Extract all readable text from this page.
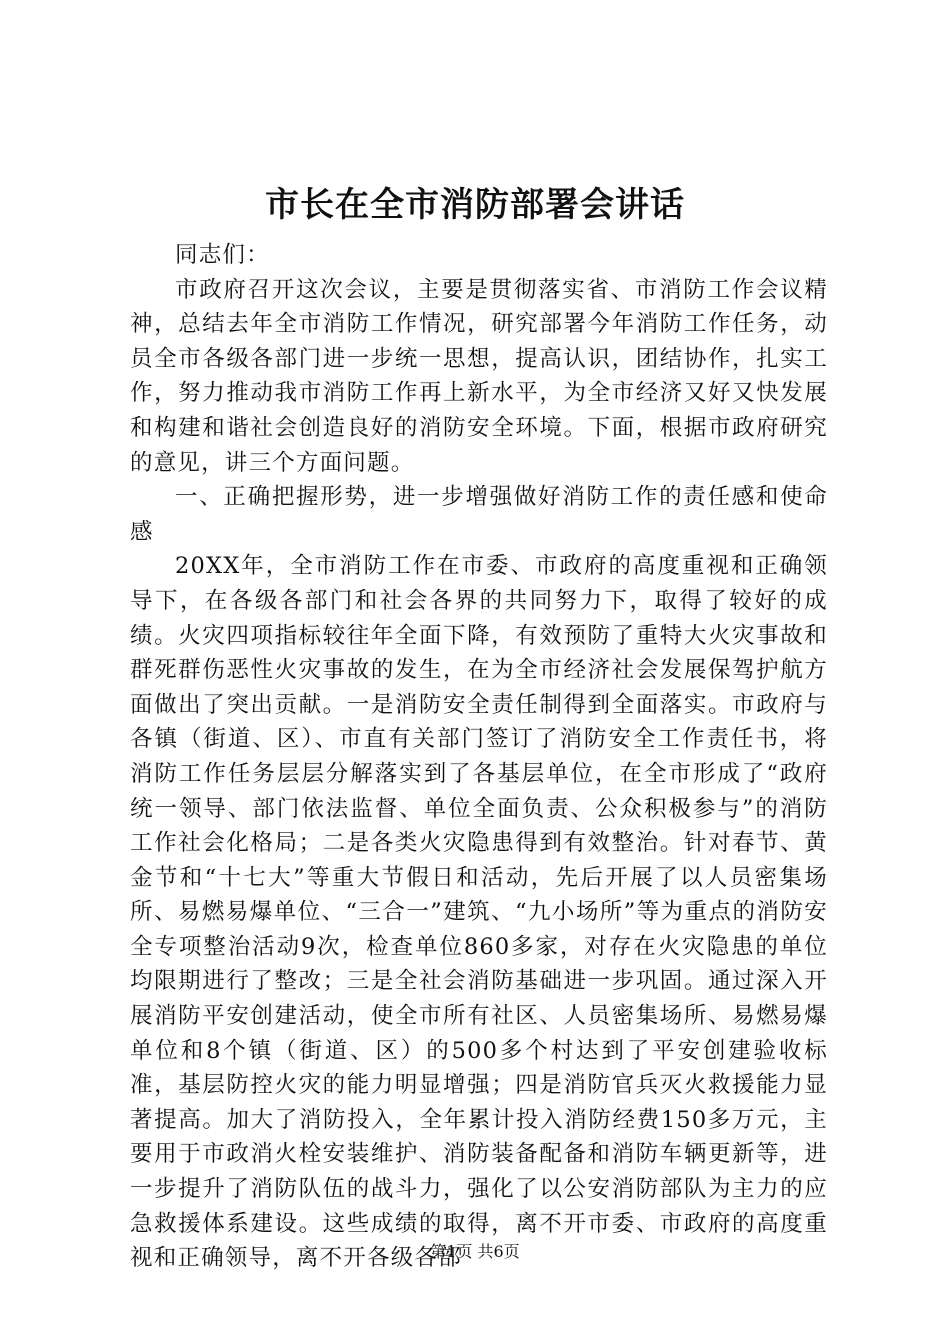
市长在全市消防部署会讲话

同志们：

市政府召开这次会议，主要是贯彻落实省、市消防工作会议精神，总结去年全市消防工作情况，研究部署今年消防工作任务，动员全市各级各部门进一步统一思想，提高认识，团结协作，扎实工作，努力推动我市消防工作再上新水平，为全市经济又好又快发展和构建和谐社会创造良好的消防安全环境。下面，根据市政府研究的意见，讲三个方面问题。

一、正确把握形势，进一步增强做好消防工作的责任感和使命感

20XX年，全市消防工作在市委、市政府的高度重视和正确领导下，在各级各部门和社会各界的共同努力下，取得了较好的成绩。火灾四项指标较往年全面下降，有效预防了重特大火灾事故和群死群伤恶性火灾事故的发生，在为全市经济社会发展保驾护航方面做出了突出贡献。一是消防安全责任制得到全面落实。市政府与各镇（街道、区）、市直有关部门签订了消防安全工作责任书，将消防工作任务层层分解落实到了各基层单位，在全市形成了“政府统一领导、部门依法监督、单位全面负责、公众积极参与”的消防工作社会化格局；二是各类火灾隐患得到有效整治。针对春节、黄金节和“十七大”等重大节假日和活动，先后开展了以人员密集场所、易燃易爆单位、“三合一”建筑、“九小场所”等为重点的消防安全专项整治活动9次，检查单位860多家，对存在火灾隐患的单位均限期进行了整改；三是全社会消防基础进一步巩固。通过深入开展消防平安创建活动，使全市所有社区、人员密集场所、易燃易爆单位和8个镇（街道、区）的500多个村达到了平安创建验收标准，基层防控火灾的能力明显增强；四是消防官兵灭火救援能力显著提高。加大了消防投入，全年累计投入消防经费150多万元，主要用于市政消火栓安装维护、消防装备配备和消防车辆更新等，进一步提升了消防队伍的战斗力，强化了以公安消防部队为主力的应急救援体系建设。这些成绩的取得，离不开市委、市政府的高度重视和正确领导，离不开各级各部

第1页 共6页
